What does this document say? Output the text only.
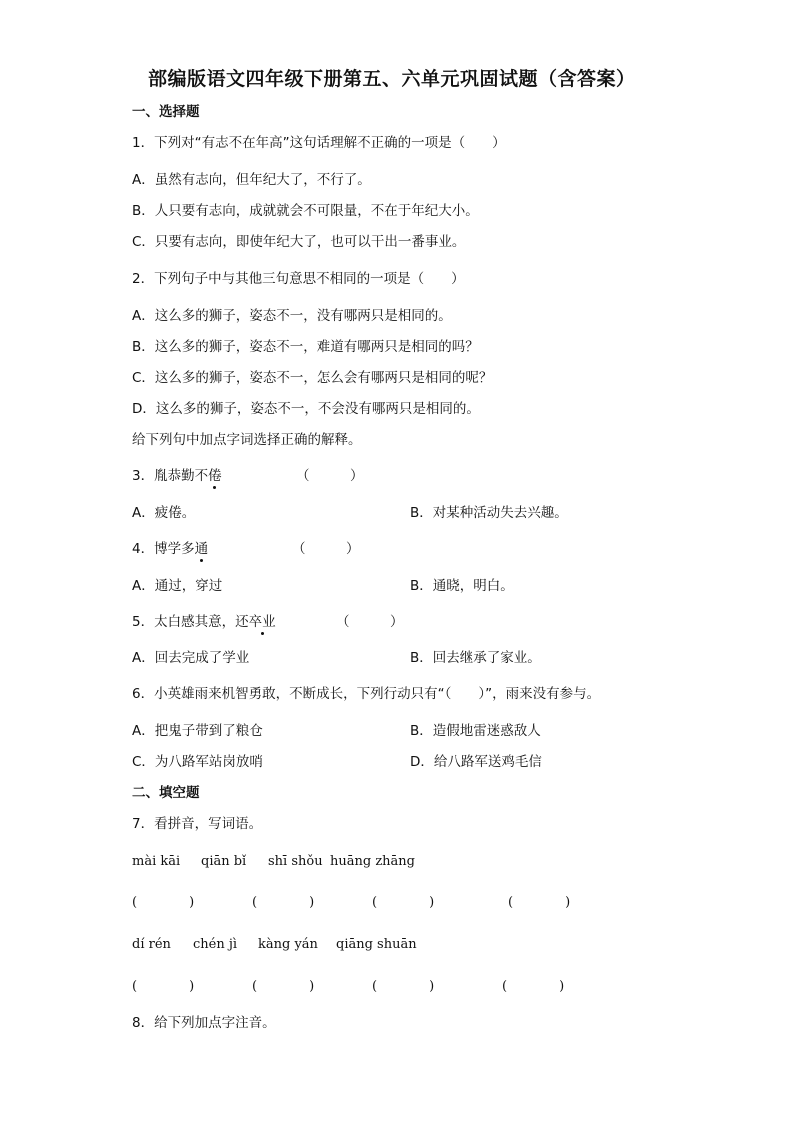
部编版语文四年级下册第五、六单元巩固试题（含答案）
一、选择题
1．下列对“有志不在年高”这句话理解不正确的一项是（　　）
A．虽然有志向，但年纪大了，不行了。
B．人只要有志向，成就就会不可限量，不在于年纪大小。
C．只要有志向，即使年纪大了，也可以干出一番事业。
2．下列句子中与其他三句意思不相同的一项是（　　）
A．这么多的狮子，姿态不一，没有哪两只是相同的。
B．这么多的狮子，姿态不一，难道有哪两只是相同的吗？
C．这么多的狮子，姿态不一，怎么会有哪两只是相同的呢？
D．这么多的狮子，姿态不一，不会没有哪两只是相同的。
给下列句中加点字词选择正确的解释。
3．胤恭勤不倦	（　　　）
A．疲倦。	B．对某种活动失去兴趣。
4．博学多通	（　　　）
A．通过，穿过	B．通晓，明白。
5．太白感其意，还卒业	（　　　）
A．回去完成了学业	B．回去继承了家业。
6．小英雄雨来机智勇敢，不断成长，下列行动只有“（　　）”，雨来没有参与。
A．把鬼子带到了粮仓	B．造假地雷迷惑敌人
C．为八路军站岗放哨	D．给八路军送鸡毛信
二、填空题
7．看拼音，写词语。
mài kāi qiān bǐ shī shǒu huāng zhāng
(　　　　)	(　　　　)	(　　　　)	(　　　　)
dí rén chén jì kàng yán qiāng shuān
(　　　　)	(　　　　)	(　　　　)	(　　　　)
8．给下列加点字注音。
